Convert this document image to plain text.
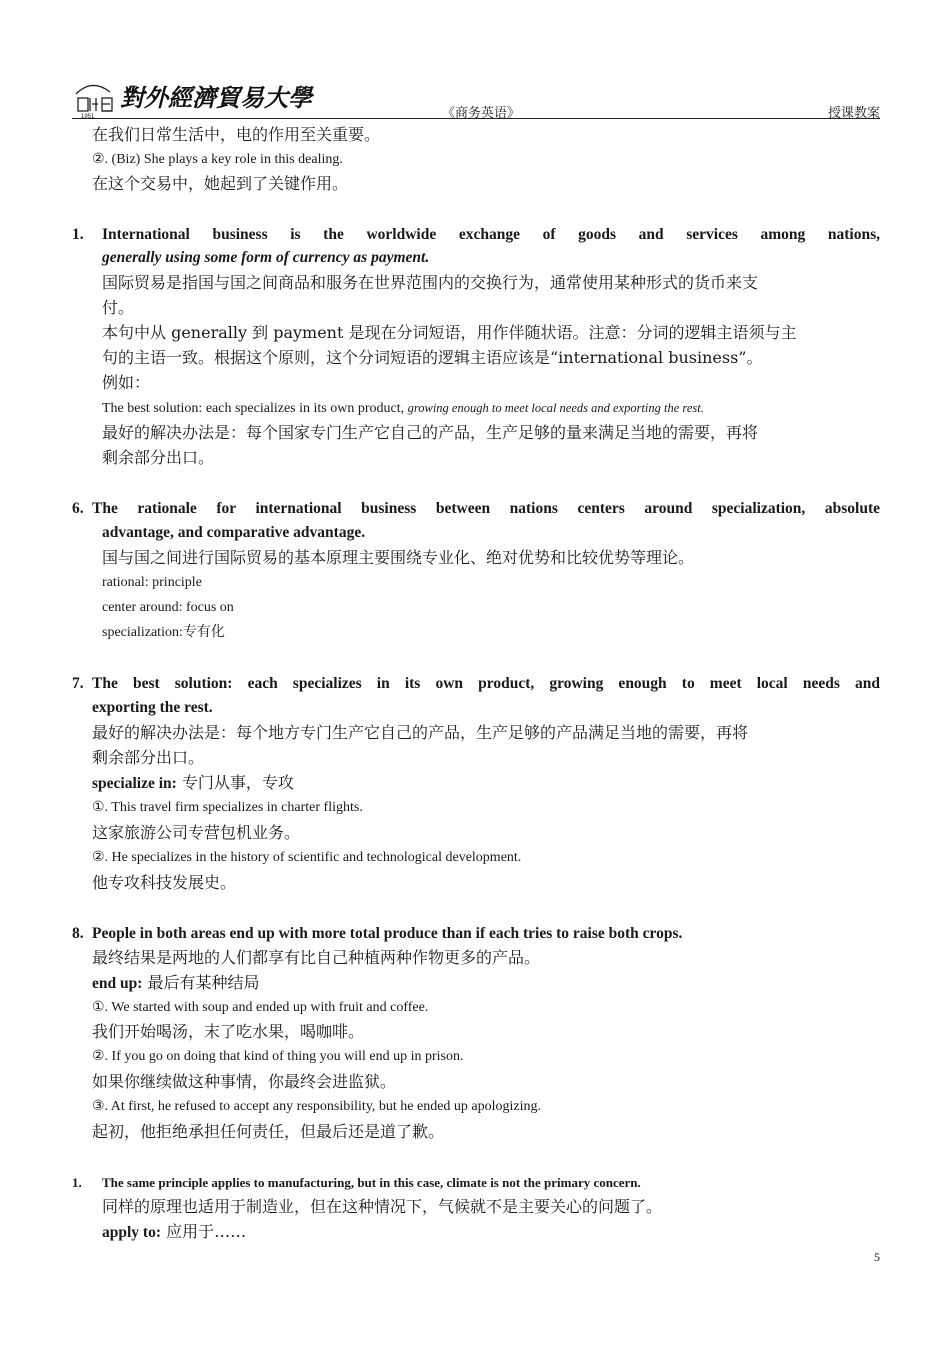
1951
對外經濟貿易大學
《商务英语》	授课教案
在我们日常生活中，电的作用至关重要。
②. (Biz) She plays a key role in this dealing.
在这个交易中，她起到了关键作用。
1. International business is the worldwide exchange of goods and services among nations,
generally using some form of currency as payment.
国际贸易是指国与国之间商品和服务在世界范围内的交换行为，通常使用某种形式的货币来支
付。
本句中从 generally 到 payment 是现在分词短语，用作伴随状语。注意：分词的逻辑主语须与主
句的主语一致。根据这个原则，这个分词短语的逻辑主语应该是“international business”。
例如：
The best solution: each specializes in its own product, growing enough to meet local needs and exporting the rest.
最好的解决办法是：每个国家专门生产它自己的产品，生产足够的量来满足当地的需要，再将
剩余部分出口。
6. The rationale for international business between nations centers around specialization, absolute
advantage, and comparative advantage.
国与国之间进行国际贸易的基本原理主要围绕专业化、绝对优势和比较优势等理论。
rational: principle
center around: focus on
specialization:专有化
7. The best solution: each specializes in its own product, growing enough to meet local needs and
exporting the rest.
最好的解决办法是：每个地方专门生产它自己的产品，生产足够的产品满足当地的需要，再将
剩余部分出口。
specialize in: 专门从事，专攻
①. This travel firm specializes in charter flights.
这家旅游公司专营包机业务。
②. He specializes in the history of scientific and technological development.
他专攻科技发展史。
8. People in both areas end up with more total produce than if each tries to raise both crops.
最终结果是两地的人们都享有比自己种植两种作物更多的产品。
end up: 最后有某种结局
①. We started with soup and ended up with fruit and coffee.
我们开始喝汤，末了吃水果，喝咖啡。
②. If you go on doing that kind of thing you will end up in prison.
如果你继续做这种事情，你最终会进监狱。
③. At first, he refused to accept any responsibility, but he ended up apologizing.
起初，他拒绝承担任何责任，但最后还是道了歉。
1. The same principle applies to manufacturing, but in this case, climate is not the primary concern.
同样的原理也适用于制造业，但在这种情况下，气候就不是主要关心的问题了。
apply to: 应用于……
5
